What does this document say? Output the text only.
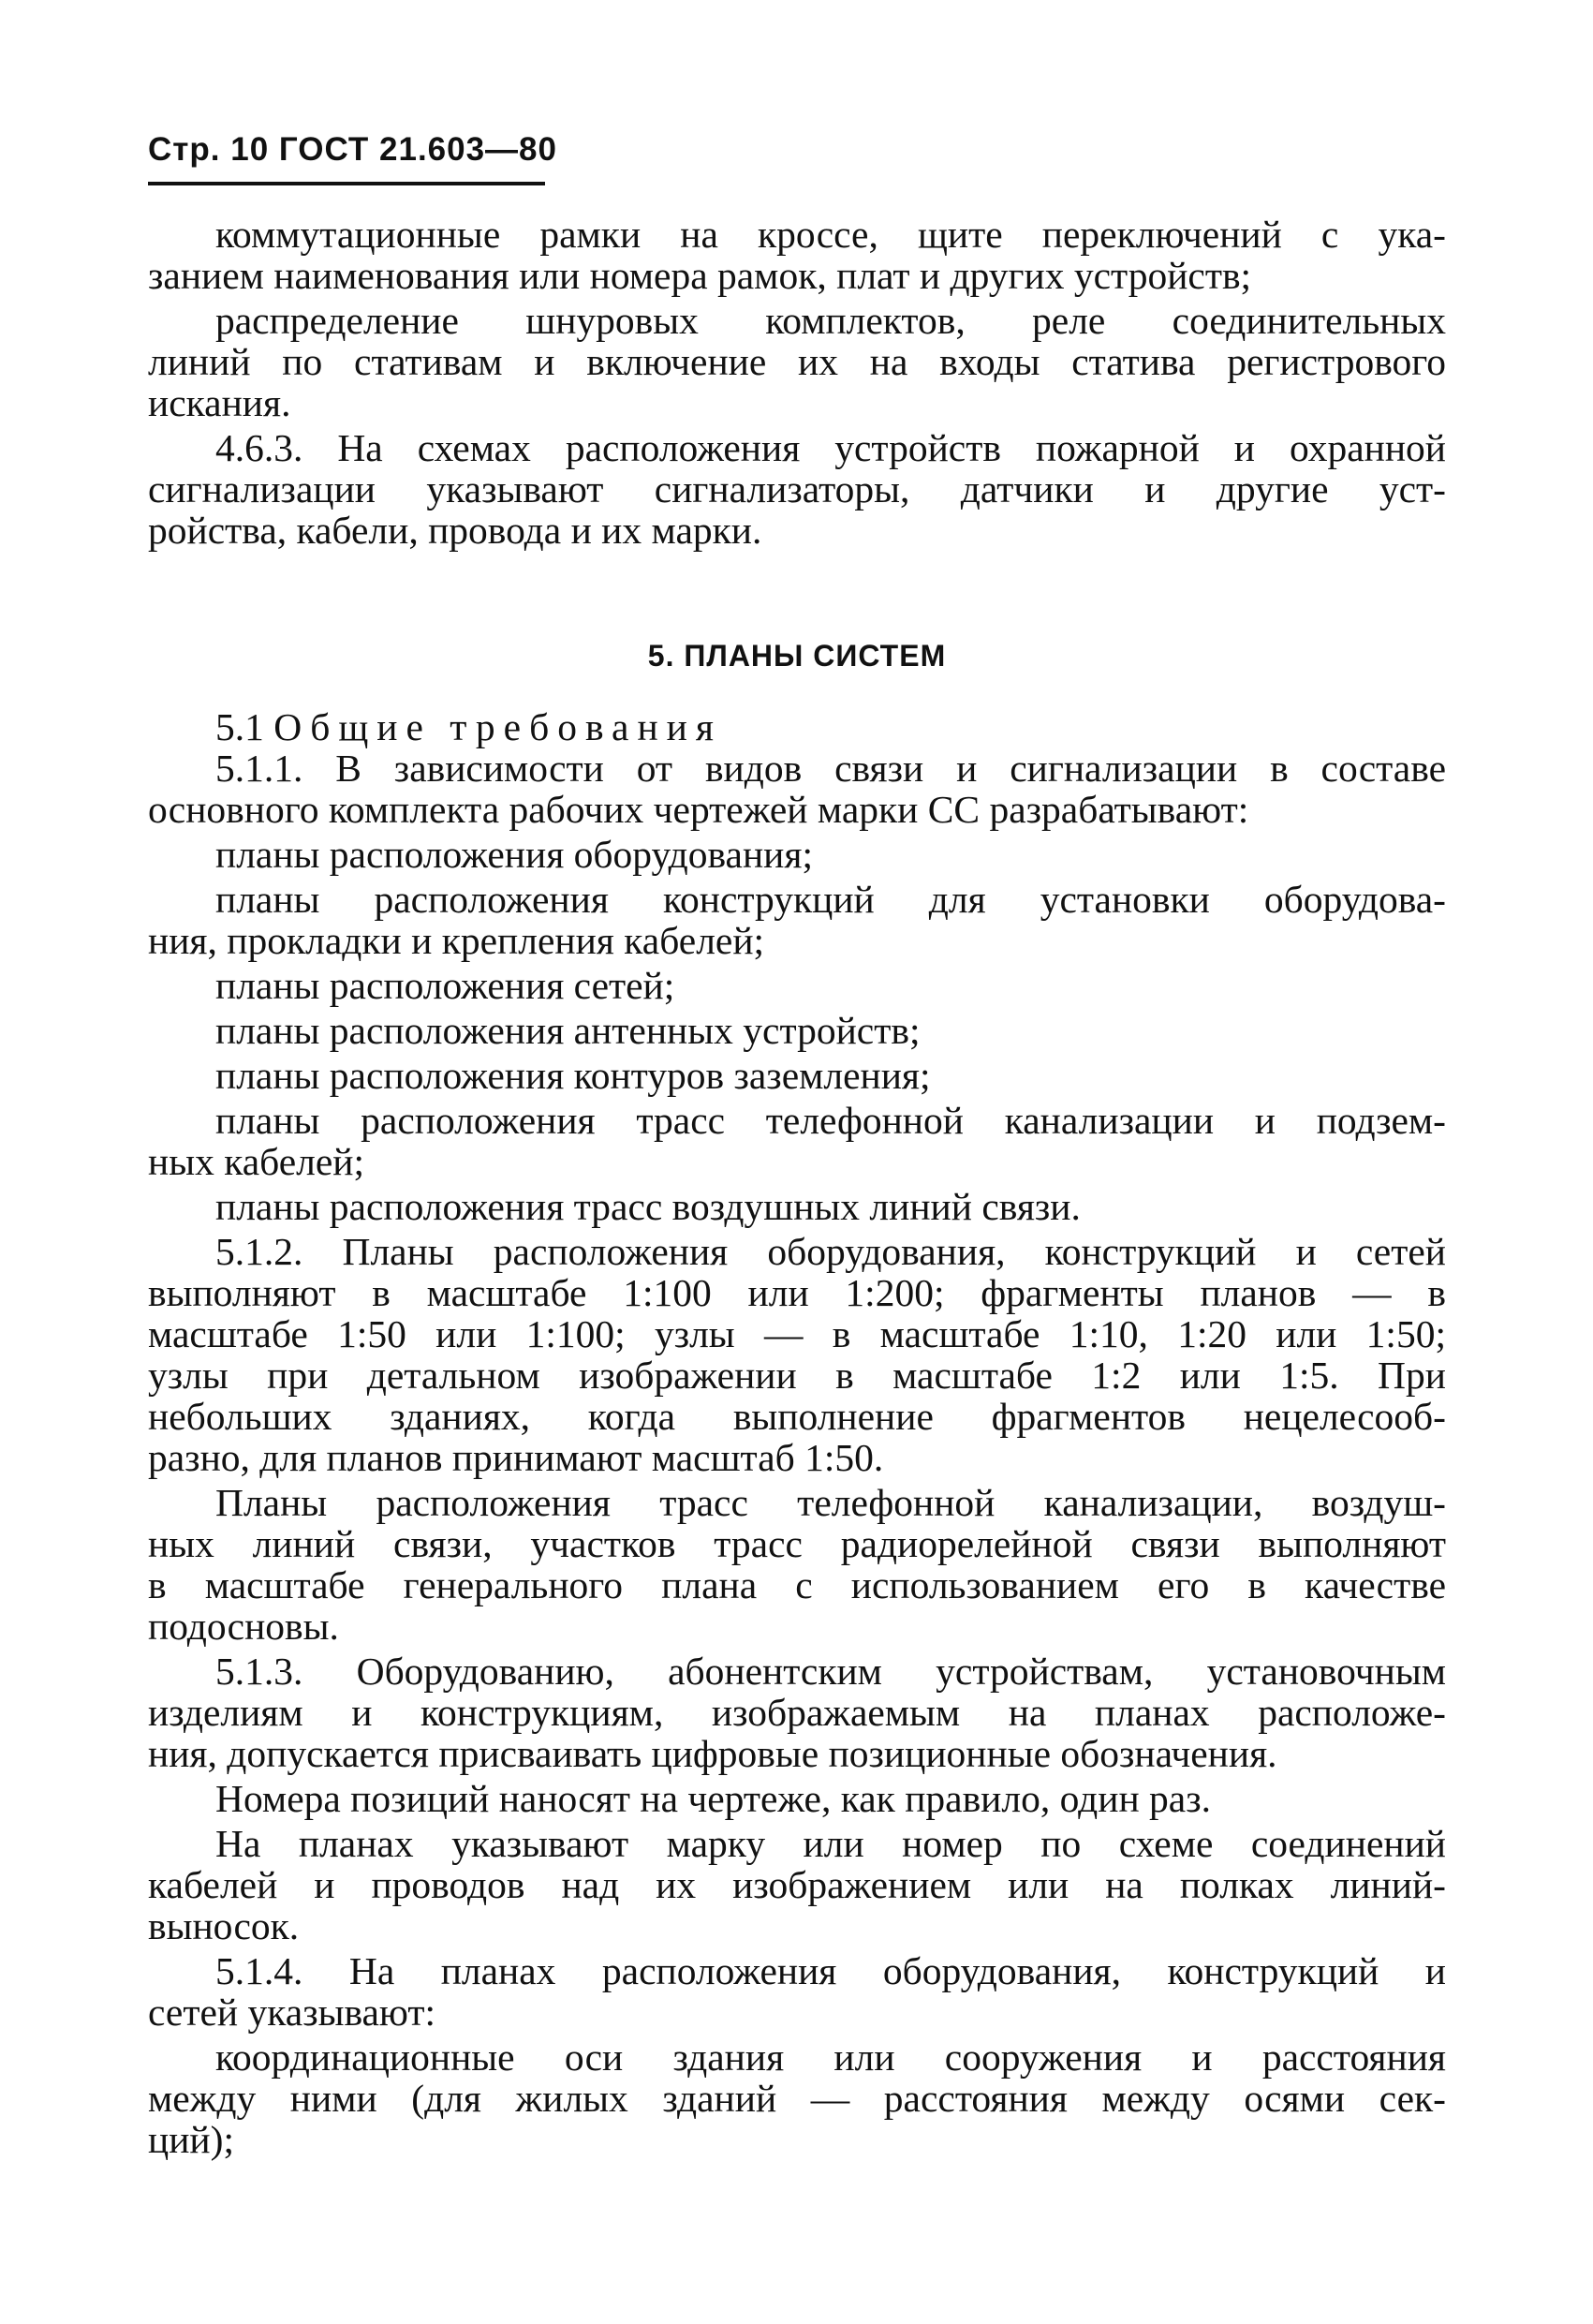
Стр. 10 ГОСТ 21.603—80
коммутационные рамки на кроссе, щите переключений с ука-
занием наименования или номера рамок, плат и других устройств;
распределение шнуровых комплектов, реле соединительных
линий по стативам и включение их на входы статива регистрового
искания.
4.6.3. На схемах расположения устройств пожарной и охранной
сигнализации указывают сигнализаторы, датчики и другие уст-
ройства, кабели, провода и их марки.
5. ПЛАНЫ СИСТЕМ
5.1 Общие требования
5.1.1. В зависимости от видов связи и сигнализации в составе
основного комплекта рабочих чертежей марки СС разрабатывают:
планы расположения оборудования;
планы расположения конструкций для установки оборудова-
ния, прокладки и крепления кабелей;
планы расположения сетей;
планы расположения антенных устройств;
планы расположения контуров заземления;
планы расположения трасс телефонной канализации и подзем-
ных кабелей;
планы расположения трасс воздушных линий связи.
5.1.2. Планы расположения оборудования, конструкций и сетей
выполняют в масштабе 1:100 или 1:200; фрагменты планов — в
масштабе 1:50 или 1:100; узлы — в масштабе 1:10, 1:20 или 1:50;
узлы при детальном изображении в масштабе 1:2 или 1:5. При
небольших зданиях, когда выполнение фрагментов нецелесооб-
разно, для планов принимают масштаб 1:50.
Планы расположения трасс телефонной канализации, воздуш-
ных линий связи, участков трасс радиорелейной связи выполняют
в масштабе генерального плана с использованием его в качестве
подосновы.
5.1.3. Оборудованию, абонентским устройствам, установочным
изделиям и конструкциям, изображаемым на планах расположе-
ния, допускается присваивать цифровые позиционные обозначения.
Номера позиций наносят на чертеже, как правило, один раз.
На планах указывают марку или номер по схеме соединений
кабелей и проводов над их изображением или на полках линий-
выносок.
5.1.4. На планах расположения оборудования, конструкций и
сетей указывают:
координационные оси здания или сооружения и расстояния
между ними (для жилых зданий — расстояния между осями сек-
ций);
